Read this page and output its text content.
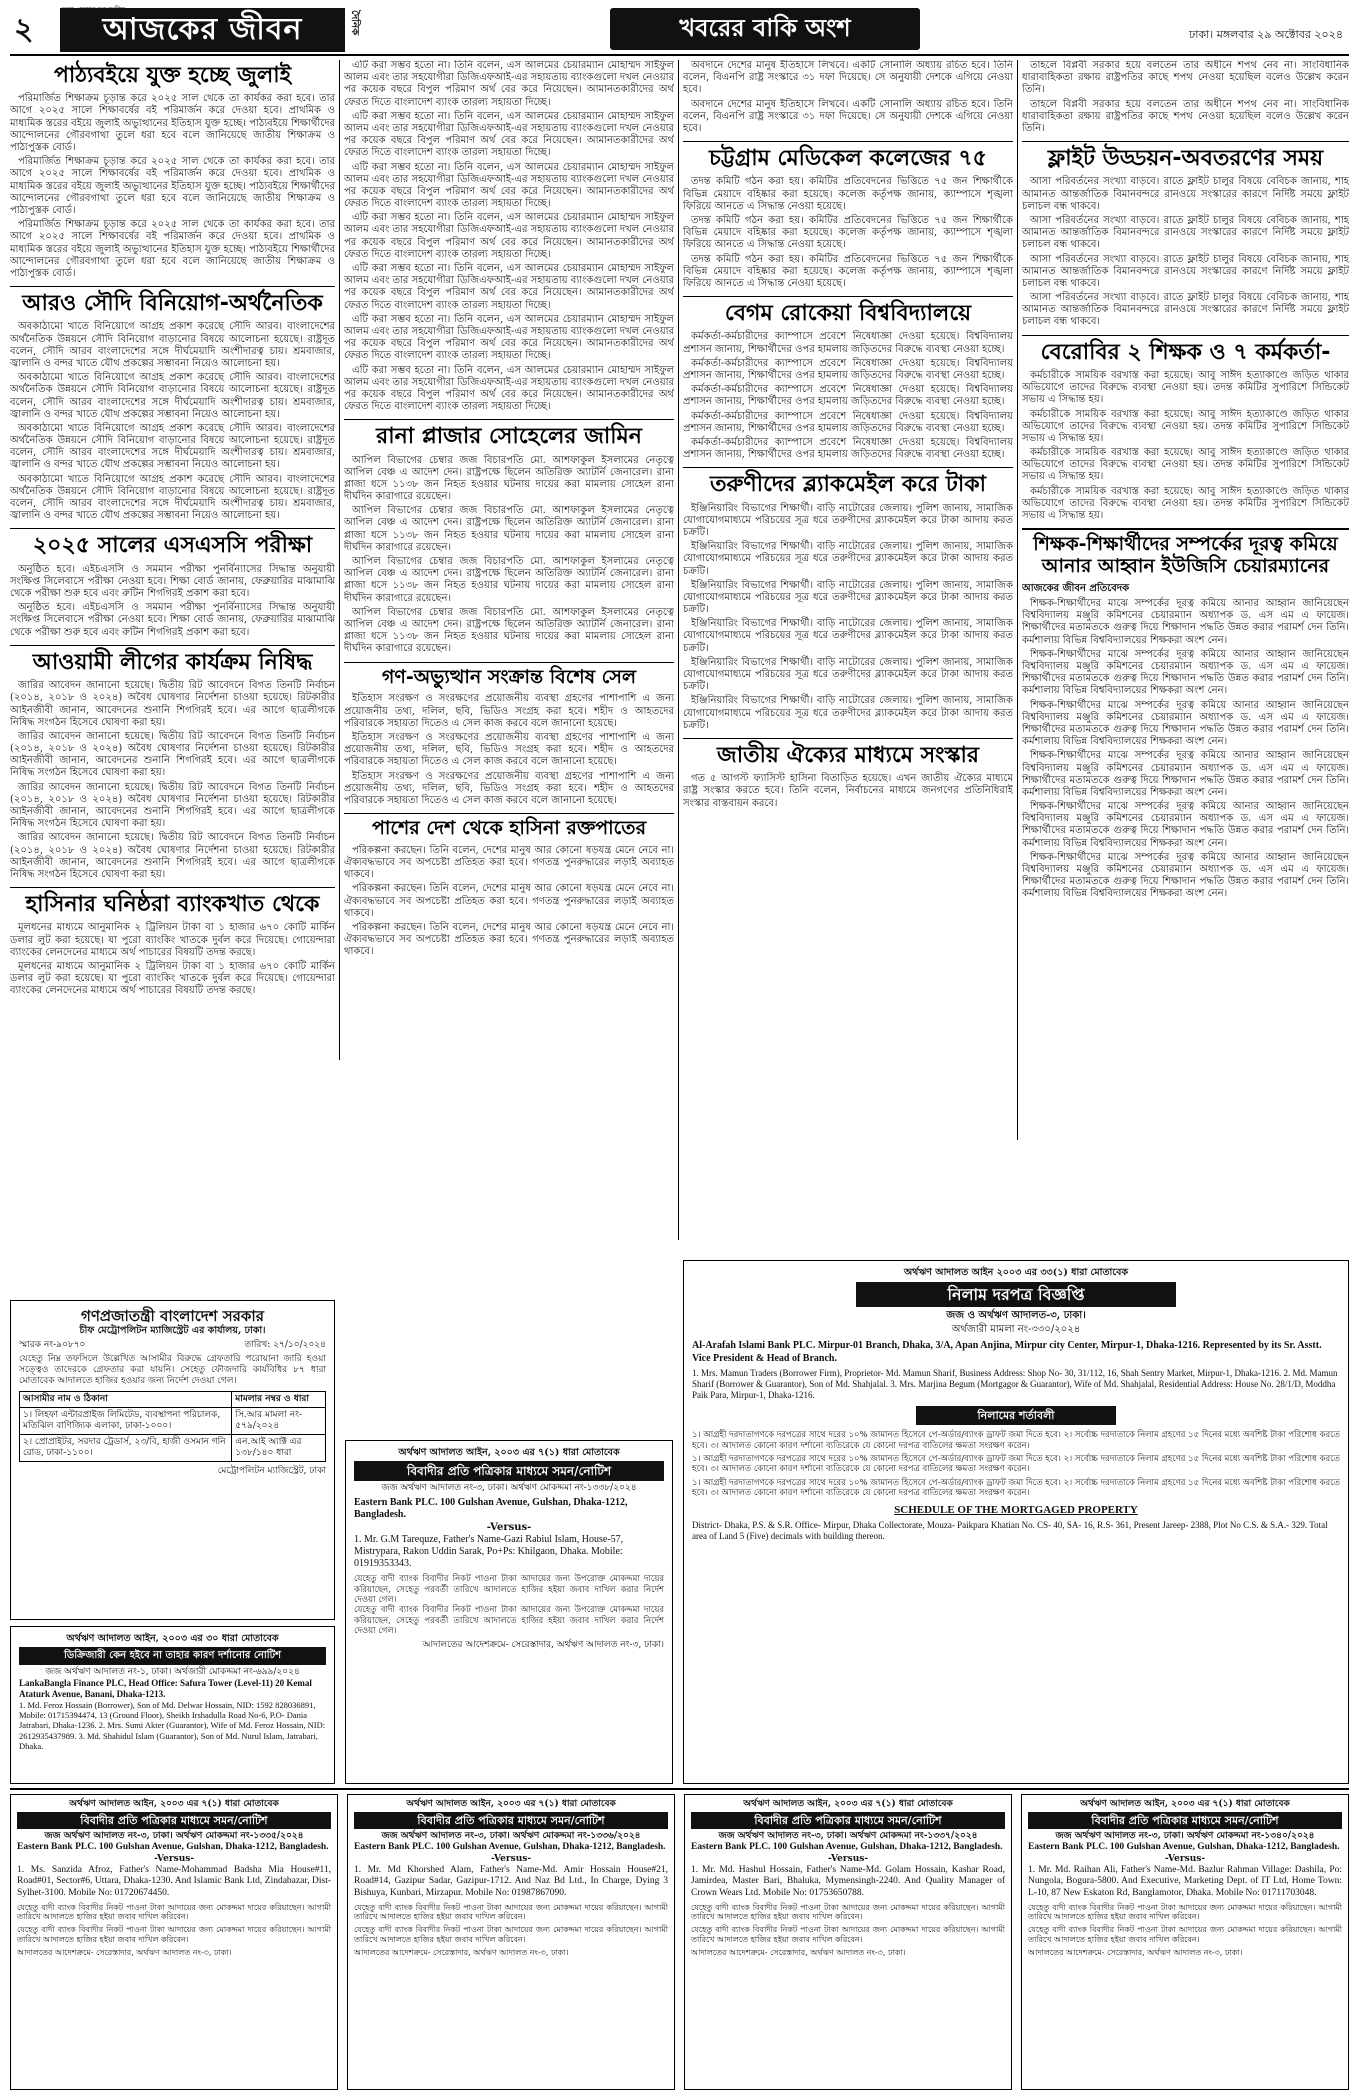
২	আজকের জীবন	দৈনিক	খবরের বাকি অংশ	ঢাকা। মঙ্গলবার ২৯ অক্টোবর ২০২৪
পাঠ্যবইয়ে যুক্ত হচ্ছে জুলাই

পরিমার্জিত শিক্ষাক্রম চূড়ান্ত করে ২০২৫ সাল থেকে তা কার্যকর করা হবে। তার আগে ২০২৫ সালে শিক্ষাবর্ষের বই পরিমার্জন করে দেওয়া হবে। প্রাথমিক ও মাধ্যমিক স্তরের বইয়ে জুলাই অভ্যুত্থানের ইতিহাস যুক্ত হচ্ছে। পাঠ্যবইয়ে শিক্ষার্থীদের আন্দোলনের গৌরবগাথা তুলে ধরা হবে বলে জানিয়েছে জাতীয় শিক্ষাক্রম ও পাঠ্যপুস্তক বোর্ড।

পরিমার্জিত শিক্ষাক্রম চূড়ান্ত করে ২০২৫ সাল থেকে তা কার্যকর করা হবে। তার আগে ২০২৫ সালে শিক্ষাবর্ষের বই পরিমার্জন করে দেওয়া হবে। প্রাথমিক ও মাধ্যমিক স্তরের বইয়ে জুলাই অভ্যুত্থানের ইতিহাস যুক্ত হচ্ছে। পাঠ্যবইয়ে শিক্ষার্থীদের আন্দোলনের গৌরবগাথা তুলে ধরা হবে বলে জানিয়েছে জাতীয় শিক্ষাক্রম ও পাঠ্যপুস্তক বোর্ড।

পরিমার্জিত শিক্ষাক্রম চূড়ান্ত করে ২০২৫ সাল থেকে তা কার্যকর করা হবে। তার আগে ২০২৫ সালে শিক্ষাবর্ষের বই পরিমার্জন করে দেওয়া হবে। প্রাথমিক ও মাধ্যমিক স্তরের বইয়ে জুলাই অভ্যুত্থানের ইতিহাস যুক্ত হচ্ছে। পাঠ্যবইয়ে শিক্ষার্থীদের আন্দোলনের গৌরবগাথা তুলে ধরা হবে বলে জানিয়েছে জাতীয় শিক্ষাক্রম ও পাঠ্যপুস্তক বোর্ড।

আরও সৌদি বিনিয়োগ-অর্থনৈতিক

অবকাঠামো খাতে বিনিয়োগে আগ্রহ প্রকাশ করেছে সৌদি আরব। বাংলাদেশের অর্থনৈতিক উন্নয়নে সৌদি বিনিয়োগ বাড়ানোর বিষয়ে আলোচনা হয়েছে। রাষ্ট্রদূত বলেন, সৌদি আরব বাংলাদেশের সঙ্গে দীর্ঘমেয়াদি অংশীদারত্ব চায়। শ্রমবাজার, জ্বালানি ও বন্দর খাতে যৌথ প্রকল্পের সম্ভাবনা নিয়েও আলোচনা হয়।

অবকাঠামো খাতে বিনিয়োগে আগ্রহ প্রকাশ করেছে সৌদি আরব। বাংলাদেশের অর্থনৈতিক উন্নয়নে সৌদি বিনিয়োগ বাড়ানোর বিষয়ে আলোচনা হয়েছে। রাষ্ট্রদূত বলেন, সৌদি আরব বাংলাদেশের সঙ্গে দীর্ঘমেয়াদি অংশীদারত্ব চায়। শ্রমবাজার, জ্বালানি ও বন্দর খাতে যৌথ প্রকল্পের সম্ভাবনা নিয়েও আলোচনা হয়।

অবকাঠামো খাতে বিনিয়োগে আগ্রহ প্রকাশ করেছে সৌদি আরব। বাংলাদেশের অর্থনৈতিক উন্নয়নে সৌদি বিনিয়োগ বাড়ানোর বিষয়ে আলোচনা হয়েছে। রাষ্ট্রদূত বলেন, সৌদি আরব বাংলাদেশের সঙ্গে দীর্ঘমেয়াদি অংশীদারত্ব চায়। শ্রমবাজার, জ্বালানি ও বন্দর খাতে যৌথ প্রকল্পের সম্ভাবনা নিয়েও আলোচনা হয়।

অবকাঠামো খাতে বিনিয়োগে আগ্রহ প্রকাশ করেছে সৌদি আরব। বাংলাদেশের অর্থনৈতিক উন্নয়নে সৌদি বিনিয়োগ বাড়ানোর বিষয়ে আলোচনা হয়েছে। রাষ্ট্রদূত বলেন, সৌদি আরব বাংলাদেশের সঙ্গে দীর্ঘমেয়াদি অংশীদারত্ব চায়। শ্রমবাজার, জ্বালানি ও বন্দর খাতে যৌথ প্রকল্পের সম্ভাবনা নিয়েও আলোচনা হয়।

২০২৫ সালের এসএসসি পরীক্ষা

অনুষ্ঠিত হবে। এইচএসসি ও সমমান পরীক্ষা পুনর্বিন্যাসের সিদ্ধান্ত অনুযায়ী সংক্ষিপ্ত সিলেবাসে পরীক্ষা নেওয়া হবে। শিক্ষা বোর্ড জানায়, ফেব্রুয়ারির মাঝামাঝি থেকে পরীক্ষা শুরু হবে এবং রুটিন শিগগিরই প্রকাশ করা হবে।

অনুষ্ঠিত হবে। এইচএসসি ও সমমান পরীক্ষা পুনর্বিন্যাসের সিদ্ধান্ত অনুযায়ী সংক্ষিপ্ত সিলেবাসে পরীক্ষা নেওয়া হবে। শিক্ষা বোর্ড জানায়, ফেব্রুয়ারির মাঝামাঝি থেকে পরীক্ষা শুরু হবে এবং রুটিন শিগগিরই প্রকাশ করা হবে।

আওয়ামী লীগের কার্যক্রম নিষিদ্ধ

জারির আবেদন জানানো হয়েছে। দ্বিতীয় রিট আবেদনে বিগত তিনটি নির্বাচন (২০১৪, ২০১৮ ও ২০২৪) অবৈধ ঘোষণার নির্দেশনা চাওয়া হয়েছে। রিটকারীর আইনজীবী জানান, আবেদনের শুনানি শিগগিরই হবে। এর আগে ছাত্রলীগকে নিষিদ্ধ সংগঠন হিসেবে ঘোষণা করা হয়।

জারির আবেদন জানানো হয়েছে। দ্বিতীয় রিট আবেদনে বিগত তিনটি নির্বাচন (২০১৪, ২০১৮ ও ২০২৪) অবৈধ ঘোষণার নির্দেশনা চাওয়া হয়েছে। রিটকারীর আইনজীবী জানান, আবেদনের শুনানি শিগগিরই হবে। এর আগে ছাত্রলীগকে নিষিদ্ধ সংগঠন হিসেবে ঘোষণা করা হয়।

জারির আবেদন জানানো হয়েছে। দ্বিতীয় রিট আবেদনে বিগত তিনটি নির্বাচন (২০১৪, ২০১৮ ও ২০২৪) অবৈধ ঘোষণার নির্দেশনা চাওয়া হয়েছে। রিটকারীর আইনজীবী জানান, আবেদনের শুনানি শিগগিরই হবে। এর আগে ছাত্রলীগকে নিষিদ্ধ সংগঠন হিসেবে ঘোষণা করা হয়।

জারির আবেদন জানানো হয়েছে। দ্বিতীয় রিট আবেদনে বিগত তিনটি নির্বাচন (২০১৪, ২০১৮ ও ২০২৪) অবৈধ ঘোষণার নির্দেশনা চাওয়া হয়েছে। রিটকারীর আইনজীবী জানান, আবেদনের শুনানি শিগগিরই হবে। এর আগে ছাত্রলীগকে নিষিদ্ধ সংগঠন হিসেবে ঘোষণা করা হয়।

হাসিনার ঘনিষ্ঠরা ব্যাংকখাত থেকে

মূলধনের মাধ্যমে আনুমানিক ২ ট্রিলিয়ন টাকা বা ১ হাজার ৬৭০ কোটি মার্কিন ডলার লুট করা হয়েছে। যা পুরো ব্যাংকিং খাতকে দুর্বল করে দিয়েছে। গোয়েন্দারা ব্যাংকের লেনদেনের মাধ্যমে অর্থ পাচারের বিষয়টি তদন্ত করছে।

মূলধনের মাধ্যমে আনুমানিক ২ ট্রিলিয়ন টাকা বা ১ হাজার ৬৭০ কোটি মার্কিন ডলার লুট করা হয়েছে। যা পুরো ব্যাংকিং খাতকে দুর্বল করে দিয়েছে। গোয়েন্দারা ব্যাংকের লেনদেনের মাধ্যমে অর্থ পাচারের বিষয়টি তদন্ত করছে।

এটি করা সম্ভব হতো না। তিনি বলেন, এস আলমের চেয়ারম্যান মোহাম্মদ সাইফুল আলম এবং তার সহযোগীরা ডিজিএফআই-এর সহায়তায় ব্যাংকগুলো দখল নেওয়ার পর কয়েক বছরে বিপুল পরিমাণ অর্থ বের করে নিয়েছেন। আমানতকারীদের অর্থ ফেরত দিতে বাংলাদেশ ব্যাংক তারল্য সহায়তা দিচ্ছে।

এটি করা সম্ভব হতো না। তিনি বলেন, এস আলমের চেয়ারম্যান মোহাম্মদ সাইফুল আলম এবং তার সহযোগীরা ডিজিএফআই-এর সহায়তায় ব্যাংকগুলো দখল নেওয়ার পর কয়েক বছরে বিপুল পরিমাণ অর্থ বের করে নিয়েছেন। আমানতকারীদের অর্থ ফেরত দিতে বাংলাদেশ ব্যাংক তারল্য সহায়তা দিচ্ছে।

এটি করা সম্ভব হতো না। তিনি বলেন, এস আলমের চেয়ারম্যান মোহাম্মদ সাইফুল আলম এবং তার সহযোগীরা ডিজিএফআই-এর সহায়তায় ব্যাংকগুলো দখল নেওয়ার পর কয়েক বছরে বিপুল পরিমাণ অর্থ বের করে নিয়েছেন। আমানতকারীদের অর্থ ফেরত দিতে বাংলাদেশ ব্যাংক তারল্য সহায়তা দিচ্ছে।

এটি করা সম্ভব হতো না। তিনি বলেন, এস আলমের চেয়ারম্যান মোহাম্মদ সাইফুল আলম এবং তার সহযোগীরা ডিজিএফআই-এর সহায়তায় ব্যাংকগুলো দখল নেওয়ার পর কয়েক বছরে বিপুল পরিমাণ অর্থ বের করে নিয়েছেন। আমানতকারীদের অর্থ ফেরত দিতে বাংলাদেশ ব্যাংক তারল্য সহায়তা দিচ্ছে।

এটি করা সম্ভব হতো না। তিনি বলেন, এস আলমের চেয়ারম্যান মোহাম্মদ সাইফুল আলম এবং তার সহযোগীরা ডিজিএফআই-এর সহায়তায় ব্যাংকগুলো দখল নেওয়ার পর কয়েক বছরে বিপুল পরিমাণ অর্থ বের করে নিয়েছেন। আমানতকারীদের অর্থ ফেরত দিতে বাংলাদেশ ব্যাংক তারল্য সহায়তা দিচ্ছে।

এটি করা সম্ভব হতো না। তিনি বলেন, এস আলমের চেয়ারম্যান মোহাম্মদ সাইফুল আলম এবং তার সহযোগীরা ডিজিএফআই-এর সহায়তায় ব্যাংকগুলো দখল নেওয়ার পর কয়েক বছরে বিপুল পরিমাণ অর্থ বের করে নিয়েছেন। আমানতকারীদের অর্থ ফেরত দিতে বাংলাদেশ ব্যাংক তারল্য সহায়তা দিচ্ছে।

এটি করা সম্ভব হতো না। তিনি বলেন, এস আলমের চেয়ারম্যান মোহাম্মদ সাইফুল আলম এবং তার সহযোগীরা ডিজিএফআই-এর সহায়তায় ব্যাংকগুলো দখল নেওয়ার পর কয়েক বছরে বিপুল পরিমাণ অর্থ বের করে নিয়েছেন। আমানতকারীদের অর্থ ফেরত দিতে বাংলাদেশ ব্যাংক তারল্য সহায়তা দিচ্ছে।

রানা প্লাজার সোহেলের জামিন

আপিল বিভাগের চেম্বার জজ বিচারপতি মো. আশফাকুল ইসলামের নেতৃত্বে আপিল বেঞ্চ এ আদেশ দেন। রাষ্ট্রপক্ষে ছিলেন অতিরিক্ত অ্যাটর্নি জেনারেল। রানা প্লাজা ধসে ১১৩৮ জন নিহত হওয়ার ঘটনায় দায়ের করা মামলায় সোহেল রানা দীর্ঘদিন কারাগারে রয়েছেন।

আপিল বিভাগের চেম্বার জজ বিচারপতি মো. আশফাকুল ইসলামের নেতৃত্বে আপিল বেঞ্চ এ আদেশ দেন। রাষ্ট্রপক্ষে ছিলেন অতিরিক্ত অ্যাটর্নি জেনারেল। রানা প্লাজা ধসে ১১৩৮ জন নিহত হওয়ার ঘটনায় দায়ের করা মামলায় সোহেল রানা দীর্ঘদিন কারাগারে রয়েছেন।

আপিল বিভাগের চেম্বার জজ বিচারপতি মো. আশফাকুল ইসলামের নেতৃত্বে আপিল বেঞ্চ এ আদেশ দেন। রাষ্ট্রপক্ষে ছিলেন অতিরিক্ত অ্যাটর্নি জেনারেল। রানা প্লাজা ধসে ১১৩৮ জন নিহত হওয়ার ঘটনায় দায়ের করা মামলায় সোহেল রানা দীর্ঘদিন কারাগারে রয়েছেন।

আপিল বিভাগের চেম্বার জজ বিচারপতি মো. আশফাকুল ইসলামের নেতৃত্বে আপিল বেঞ্চ এ আদেশ দেন। রাষ্ট্রপক্ষে ছিলেন অতিরিক্ত অ্যাটর্নি জেনারেল। রানা প্লাজা ধসে ১১৩৮ জন নিহত হওয়ার ঘটনায় দায়ের করা মামলায় সোহেল রানা দীর্ঘদিন কারাগারে রয়েছেন।

গণ-অভ্যুত্থান সংক্রান্ত বিশেষ সেল

ইতিহাস সংরক্ষণ ও সংরক্ষণের প্রয়োজনীয় ব্যবস্থা গ্রহণের পাশাপাশি এ জন্য প্রয়োজনীয় তথ্য, দলিল, ছবি, ভিডিও সংগ্রহ করা হবে। শহীদ ও আহতদের পরিবারকে সহায়তা দিতেও এ সেল কাজ করবে বলে জানানো হয়েছে।

ইতিহাস সংরক্ষণ ও সংরক্ষণের প্রয়োজনীয় ব্যবস্থা গ্রহণের পাশাপাশি এ জন্য প্রয়োজনীয় তথ্য, দলিল, ছবি, ভিডিও সংগ্রহ করা হবে। শহীদ ও আহতদের পরিবারকে সহায়তা দিতেও এ সেল কাজ করবে বলে জানানো হয়েছে।

ইতিহাস সংরক্ষণ ও সংরক্ষণের প্রয়োজনীয় ব্যবস্থা গ্রহণের পাশাপাশি এ জন্য প্রয়োজনীয় তথ্য, দলিল, ছবি, ভিডিও সংগ্রহ করা হবে। শহীদ ও আহতদের পরিবারকে সহায়তা দিতেও এ সেল কাজ করবে বলে জানানো হয়েছে।

পাশের দেশ থেকে হাসিনা রক্তপাতের

পরিকল্পনা করছেন। তিনি বলেন, দেশের মানুষ আর কোনো ষড়যন্ত্র মেনে নেবে না। ঐক্যবদ্ধভাবে সব অপচেষ্টা প্রতিহত করা হবে। গণতন্ত্র পুনরুদ্ধারের লড়াই অব্যাহত থাকবে।

পরিকল্পনা করছেন। তিনি বলেন, দেশের মানুষ আর কোনো ষড়যন্ত্র মেনে নেবে না। ঐক্যবদ্ধভাবে সব অপচেষ্টা প্রতিহত করা হবে। গণতন্ত্র পুনরুদ্ধারের লড়াই অব্যাহত থাকবে।

পরিকল্পনা করছেন। তিনি বলেন, দেশের মানুষ আর কোনো ষড়যন্ত্র মেনে নেবে না। ঐক্যবদ্ধভাবে সব অপচেষ্টা প্রতিহত করা হবে। গণতন্ত্র পুনরুদ্ধারের লড়াই অব্যাহত থাকবে।

অবদানে দেশের মানুষ ইতিহাসে লিখবে। একটি সোনালি অধ্যায় রচিত হবে। তিনি বলেন, বিএনপি রাষ্ট্র সংস্কারে ৩১ দফা দিয়েছে। সে অনুযায়ী দেশকে এগিয়ে নেওয়া হবে।

অবদানে দেশের মানুষ ইতিহাসে লিখবে। একটি সোনালি অধ্যায় রচিত হবে। তিনি বলেন, বিএনপি রাষ্ট্র সংস্কারে ৩১ দফা দিয়েছে। সে অনুযায়ী দেশকে এগিয়ে নেওয়া হবে।

চট্টগ্রাম মেডিকেল কলেজের ৭৫

তদন্ত কমিটি গঠন করা হয়। কমিটির প্রতিবেদনের ভিত্তিতে ৭৫ জন শিক্ষার্থীকে বিভিন্ন মেয়াদে বহিষ্কার করা হয়েছে। কলেজ কর্তৃপক্ষ জানায়, ক্যাম্পাসে শৃঙ্খলা ফিরিয়ে আনতে এ সিদ্ধান্ত নেওয়া হয়েছে।

তদন্ত কমিটি গঠন করা হয়। কমিটির প্রতিবেদনের ভিত্তিতে ৭৫ জন শিক্ষার্থীকে বিভিন্ন মেয়াদে বহিষ্কার করা হয়েছে। কলেজ কর্তৃপক্ষ জানায়, ক্যাম্পাসে শৃঙ্খলা ফিরিয়ে আনতে এ সিদ্ধান্ত নেওয়া হয়েছে।

তদন্ত কমিটি গঠন করা হয়। কমিটির প্রতিবেদনের ভিত্তিতে ৭৫ জন শিক্ষার্থীকে বিভিন্ন মেয়াদে বহিষ্কার করা হয়েছে। কলেজ কর্তৃপক্ষ জানায়, ক্যাম্পাসে শৃঙ্খলা ফিরিয়ে আনতে এ সিদ্ধান্ত নেওয়া হয়েছে।

বেগম রোকেয়া বিশ্ববিদ্যালয়ে

কর্মকর্তা-কর্মচারীদের ক্যাম্পাসে প্রবেশে নিষেধাজ্ঞা দেওয়া হয়েছে। বিশ্ববিদ্যালয় প্রশাসন জানায়, শিক্ষার্থীদের ওপর হামলায় জড়িতদের বিরুদ্ধে ব্যবস্থা নেওয়া হচ্ছে।

কর্মকর্তা-কর্মচারীদের ক্যাম্পাসে প্রবেশে নিষেধাজ্ঞা দেওয়া হয়েছে। বিশ্ববিদ্যালয় প্রশাসন জানায়, শিক্ষার্থীদের ওপর হামলায় জড়িতদের বিরুদ্ধে ব্যবস্থা নেওয়া হচ্ছে।

কর্মকর্তা-কর্মচারীদের ক্যাম্পাসে প্রবেশে নিষেধাজ্ঞা দেওয়া হয়েছে। বিশ্ববিদ্যালয় প্রশাসন জানায়, শিক্ষার্থীদের ওপর হামলায় জড়িতদের বিরুদ্ধে ব্যবস্থা নেওয়া হচ্ছে।

কর্মকর্তা-কর্মচারীদের ক্যাম্পাসে প্রবেশে নিষেধাজ্ঞা দেওয়া হয়েছে। বিশ্ববিদ্যালয় প্রশাসন জানায়, শিক্ষার্থীদের ওপর হামলায় জড়িতদের বিরুদ্ধে ব্যবস্থা নেওয়া হচ্ছে।

কর্মকর্তা-কর্মচারীদের ক্যাম্পাসে প্রবেশে নিষেধাজ্ঞা দেওয়া হয়েছে। বিশ্ববিদ্যালয় প্রশাসন জানায়, শিক্ষার্থীদের ওপর হামলায় জড়িতদের বিরুদ্ধে ব্যবস্থা নেওয়া হচ্ছে।

তরুণীদের ব্ল্যাকমেইল করে টাকা

ইঞ্জিনিয়ারিং বিভাগের শিক্ষার্থী। বাড়ি নাটোরের জেলায়। পুলিশ জানায়, সামাজিক যোগাযোগমাধ্যমে পরিচয়ের সূত্র ধরে তরুণীদের ব্ল্যাকমেইল করে টাকা আদায় করত চক্রটি।

ইঞ্জিনিয়ারিং বিভাগের শিক্ষার্থী। বাড়ি নাটোরের জেলায়। পুলিশ জানায়, সামাজিক যোগাযোগমাধ্যমে পরিচয়ের সূত্র ধরে তরুণীদের ব্ল্যাকমেইল করে টাকা আদায় করত চক্রটি।

ইঞ্জিনিয়ারিং বিভাগের শিক্ষার্থী। বাড়ি নাটোরের জেলায়। পুলিশ জানায়, সামাজিক যোগাযোগমাধ্যমে পরিচয়ের সূত্র ধরে তরুণীদের ব্ল্যাকমেইল করে টাকা আদায় করত চক্রটি।

ইঞ্জিনিয়ারিং বিভাগের শিক্ষার্থী। বাড়ি নাটোরের জেলায়। পুলিশ জানায়, সামাজিক যোগাযোগমাধ্যমে পরিচয়ের সূত্র ধরে তরুণীদের ব্ল্যাকমেইল করে টাকা আদায় করত চক্রটি।

ইঞ্জিনিয়ারিং বিভাগের শিক্ষার্থী। বাড়ি নাটোরের জেলায়। পুলিশ জানায়, সামাজিক যোগাযোগমাধ্যমে পরিচয়ের সূত্র ধরে তরুণীদের ব্ল্যাকমেইল করে টাকা আদায় করত চক্রটি।

ইঞ্জিনিয়ারিং বিভাগের শিক্ষার্থী। বাড়ি নাটোরের জেলায়। পুলিশ জানায়, সামাজিক যোগাযোগমাধ্যমে পরিচয়ের সূত্র ধরে তরুণীদের ব্ল্যাকমেইল করে টাকা আদায় করত চক্রটি।

জাতীয় ঐক্যের মাধ্যমে সংস্কার

গত ৫ আগস্ট ফ্যাসিস্ট হাসিনা বিতাড়িত হয়েছে। এখন জাতীয় ঐক্যের মাধ্যমে রাষ্ট্র সংস্কার করতে হবে। তিনি বলেন, নির্বাচনের মাধ্যমে জনগণের প্রতিনিধিরাই সংস্কার বাস্তবায়ন করবে।

তাহলে বিপ্লবী সরকার হয়ে বলতেন তার অধীনে শপথ নেব না। সাংবিধানিক ধারাবাহিকতা রক্ষায় রাষ্ট্রপতির কাছে শপথ নেওয়া হয়েছিল বলেও উল্লেখ করেন তিনি।

তাহলে বিপ্লবী সরকার হয়ে বলতেন তার অধীনে শপথ নেব না। সাংবিধানিক ধারাবাহিকতা রক্ষায় রাষ্ট্রপতির কাছে শপথ নেওয়া হয়েছিল বলেও উল্লেখ করেন তিনি।

ফ্লাইট উড্ডয়ন-অবতরণের সময়

আসা পরিবর্তনের সংখ্যা বাড়বে। রাতে ফ্লাইট চালুর বিষয়ে বেবিচক জানায়, শাহ আমানত আন্তর্জাতিক বিমানবন্দরে রানওয়ে সংস্কারের কারণে নির্দিষ্ট সময়ে ফ্লাইট চলাচল বন্ধ থাকবে।

আসা পরিবর্তনের সংখ্যা বাড়বে। রাতে ফ্লাইট চালুর বিষয়ে বেবিচক জানায়, শাহ আমানত আন্তর্জাতিক বিমানবন্দরে রানওয়ে সংস্কারের কারণে নির্দিষ্ট সময়ে ফ্লাইট চলাচল বন্ধ থাকবে।

আসা পরিবর্তনের সংখ্যা বাড়বে। রাতে ফ্লাইট চালুর বিষয়ে বেবিচক জানায়, শাহ আমানত আন্তর্জাতিক বিমানবন্দরে রানওয়ে সংস্কারের কারণে নির্দিষ্ট সময়ে ফ্লাইট চলাচল বন্ধ থাকবে।

আসা পরিবর্তনের সংখ্যা বাড়বে। রাতে ফ্লাইট চালুর বিষয়ে বেবিচক জানায়, শাহ আমানত আন্তর্জাতিক বিমানবন্দরে রানওয়ে সংস্কারের কারণে নির্দিষ্ট সময়ে ফ্লাইট চলাচল বন্ধ থাকবে।

বেরোবির ২ শিক্ষক ও ৭ কর্মকর্তা-

কর্মচারীকে সাময়িক বরখাস্ত করা হয়েছে। আবু সাঈদ হত্যাকাণ্ডে জড়িত থাকার অভিযোগে তাদের বিরুদ্ধে ব্যবস্থা নেওয়া হয়। তদন্ত কমিটির সুপারিশে সিন্ডিকেট সভায় এ সিদ্ধান্ত হয়।

কর্মচারীকে সাময়িক বরখাস্ত করা হয়েছে। আবু সাঈদ হত্যাকাণ্ডে জড়িত থাকার অভিযোগে তাদের বিরুদ্ধে ব্যবস্থা নেওয়া হয়। তদন্ত কমিটির সুপারিশে সিন্ডিকেট সভায় এ সিদ্ধান্ত হয়।

কর্মচারীকে সাময়িক বরখাস্ত করা হয়েছে। আবু সাঈদ হত্যাকাণ্ডে জড়িত থাকার অভিযোগে তাদের বিরুদ্ধে ব্যবস্থা নেওয়া হয়। তদন্ত কমিটির সুপারিশে সিন্ডিকেট সভায় এ সিদ্ধান্ত হয়।

কর্মচারীকে সাময়িক বরখাস্ত করা হয়েছে। আবু সাঈদ হত্যাকাণ্ডে জড়িত থাকার অভিযোগে তাদের বিরুদ্ধে ব্যবস্থা নেওয়া হয়। তদন্ত কমিটির সুপারিশে সিন্ডিকেট সভায় এ সিদ্ধান্ত হয়।

শিক্ষক-শিক্ষার্থীদের সম্পর্কের দূরত্ব কমিয়ে আনার আহ্বান ইউজিসি চেয়ারম্যানের
আজকের জীবন প্রতিবেদক

শিক্ষক-শিক্ষার্থীদের মাঝে সম্পর্কের দূরত্ব কমিয়ে আনার আহ্বান জানিয়েছেন বিশ্ববিদ্যালয় মঞ্জুরি কমিশনের চেয়ারম্যান অধ্যাপক ড. এস এম এ ফায়েজ। শিক্ষার্থীদের মতামতকে গুরুত্ব দিয়ে শিক্ষাদান পদ্ধতি উন্নত করার পরামর্শ দেন তিনি। কর্মশালায় বিভিন্ন বিশ্ববিদ্যালয়ের শিক্ষকরা অংশ নেন।

শিক্ষক-শিক্ষার্থীদের মাঝে সম্পর্কের দূরত্ব কমিয়ে আনার আহ্বান জানিয়েছেন বিশ্ববিদ্যালয় মঞ্জুরি কমিশনের চেয়ারম্যান অধ্যাপক ড. এস এম এ ফায়েজ। শিক্ষার্থীদের মতামতকে গুরুত্ব দিয়ে শিক্ষাদান পদ্ধতি উন্নত করার পরামর্শ দেন তিনি। কর্মশালায় বিভিন্ন বিশ্ববিদ্যালয়ের শিক্ষকরা অংশ নেন।

শিক্ষক-শিক্ষার্থীদের মাঝে সম্পর্কের দূরত্ব কমিয়ে আনার আহ্বান জানিয়েছেন বিশ্ববিদ্যালয় মঞ্জুরি কমিশনের চেয়ারম্যান অধ্যাপক ড. এস এম এ ফায়েজ। শিক্ষার্থীদের মতামতকে গুরুত্ব দিয়ে শিক্ষাদান পদ্ধতি উন্নত করার পরামর্শ দেন তিনি। কর্মশালায় বিভিন্ন বিশ্ববিদ্যালয়ের শিক্ষকরা অংশ নেন।

শিক্ষক-শিক্ষার্থীদের মাঝে সম্পর্কের দূরত্ব কমিয়ে আনার আহ্বান জানিয়েছেন বিশ্ববিদ্যালয় মঞ্জুরি কমিশনের চেয়ারম্যান অধ্যাপক ড. এস এম এ ফায়েজ। শিক্ষার্থীদের মতামতকে গুরুত্ব দিয়ে শিক্ষাদান পদ্ধতি উন্নত করার পরামর্শ দেন তিনি। কর্মশালায় বিভিন্ন বিশ্ববিদ্যালয়ের শিক্ষকরা অংশ নেন।

শিক্ষক-শিক্ষার্থীদের মাঝে সম্পর্কের দূরত্ব কমিয়ে আনার আহ্বান জানিয়েছেন বিশ্ববিদ্যালয় মঞ্জুরি কমিশনের চেয়ারম্যান অধ্যাপক ড. এস এম এ ফায়েজ। শিক্ষার্থীদের মতামতকে গুরুত্ব দিয়ে শিক্ষাদান পদ্ধতি উন্নত করার পরামর্শ দেন তিনি। কর্মশালায় বিভিন্ন বিশ্ববিদ্যালয়ের শিক্ষকরা অংশ নেন।

শিক্ষক-শিক্ষার্থীদের মাঝে সম্পর্কের দূরত্ব কমিয়ে আনার আহ্বান জানিয়েছেন বিশ্ববিদ্যালয় মঞ্জুরি কমিশনের চেয়ারম্যান অধ্যাপক ড. এস এম এ ফায়েজ। শিক্ষার্থীদের মতামতকে গুরুত্ব দিয়ে শিক্ষাদান পদ্ধতি উন্নত করার পরামর্শ দেন তিনি। কর্মশালায় বিভিন্ন বিশ্ববিদ্যালয়ের শিক্ষকরা অংশ নেন।

গণপ্রজাতন্ত্রী বাংলাদেশ সরকার
চীফ মেট্রোপলিটন ম্যাজিস্ট্রেট এর কার্যালয়, ঢাকা।
স্মারক নং-৯০৮৭০	তারিখ: ২৭/১০/২০২৪
যেহেতু নিম্ন তফসিলে উল্লেখিত আসামীর বিরুদ্ধে গ্রেফতারি পরোয়ানা জারি হওয়া সত্ত্বেও তাদেরকে গ্রেফতার করা যায়নি। সেহেতু ফৌজদারি কার্যবিধির ৮৭ ধারা মোতাবেক আদালতে হাজির হওয়ার জন্য নির্দেশ দেওয়া গেল।
আসামীর নাম ও ঠিকানা	মামলার নম্বর ও ধারা
১। লিহফা এন্টারপ্রাইজ লিমিটেড, ব্যবস্থাপনা পরিচালক, মতিঝিল বাণিজ্যিক এলাকা, ঢাকা-১০০০।	সি.আর মামলা নং- ৫৭৯/২০২৪
২। প্রোপ্রাইটর, সরদার ট্রেডার্স, ২৩/বি, হাজী ওসমান গনি রোড, ঢাকা-১১০০।	এন.আই অ্যাক্ট এর ১৩৮/১৪০ ধারা
মেট্রোপলিটন ম্যাজিস্ট্রেট, ঢাকা
অর্থঋণ আদালত আইন, ২০০৩ এর ৩০ ধারা মোতাবেক
ডিক্রিজারী কেন হইবে না তাহার কারণ দর্শানোর নোটিশ
জজ অর্থঋণ আদালত নং-১, ঢাকা। অর্থজারী মোকদ্দমা নং-৬৯৯/২০২৪
LankaBangla Finance PLC, Head Office: Safura Tower (Level-11) 20 Kemal Ataturk Avenue, Banani, Dhaka-1213.
1. Md. Feroz Hossain (Borrower), Son of Md. Delwar Hossain, NID: 1592 828036891, Mobile: 01715394474, 13 (Ground Floor), Sheikh Irshadulla Road No-6, P.O- Dania Jatrabari, Dhaka-1236. 2. Mrs. Sumi Akter (Guarantor), Wife of Md. Feroz Hossain, NID: 2612935437989. 3. Md. Shahidul Islam (Guarantor), Son of Md. Nurul Islam, Jatrabari, Dhaka.
অর্থঋণ আদালত আইন, ২০০৩ এর ৭(১) ধারা মোতাবেক
বিবাদীর প্রতি পত্রিকার মাধ্যমে সমন/নোটিশ
জজ অর্থঋণ আদালত নং-৩, ঢাকা। অর্থঋণ মোকদ্দমা নং-১৩৩৮/২০২৪
Eastern Bank PLC. 100 Gulshan Avenue, Gulshan, Dhaka-1212, Bangladesh.
-Versus-
1. Mr. G.M Tarequze, Father's Name-Gazi Rabiul Islam, House-57, Mistrypara, Rakon Uddin Sarak, Po+Ps: Khilgaon, Dhaka. Mobile: 01919353343.
যেহেতু বাদী ব্যাংক বিবাদীর নিকট পাওনা টাকা আদায়ের জন্য উপরোক্ত মোকদ্দমা দায়ের করিয়াছেন, সেহেতু পরবর্তী তারিখে আদালতে হাজির হইয়া জবাব দাখিল করার নির্দেশ দেওয়া গেল।
যেহেতু বাদী ব্যাংক বিবাদীর নিকট পাওনা টাকা আদায়ের জন্য উপরোক্ত মোকদ্দমা দায়ের করিয়াছেন, সেহেতু পরবর্তী তারিখে আদালতে হাজির হইয়া জবাব দাখিল করার নির্দেশ দেওয়া গেল।
আদালতের আদেশক্রমে- সেরেস্তাদার, অর্থঋণ আদালত নং-৩, ঢাকা।
অর্থঋণ আদালত আইন ২০০৩ এর ৩৩(১) ধারা মোতাবেক
নিলাম দরপত্র বিজ্ঞপ্তি
জজ ও অর্থঋণ আদালত-৩, ঢাকা।
অর্থজারী মামলা নং-৩৩০/২০২৪
Al-Arafah Islami Bank PLC. Mirpur-01 Branch, Dhaka, 3/A, Apan Anjina, Mirpur city Center, Mirpur-1, Dhaka-1216. Represented by its Sr. Asstt. Vice President & Head of Branch.
1. Mrs. Mamun Traders (Borrower Firm), Proprietor- Md. Mamun Sharif, Business Address: Shop No- 30, 31/112, 16, Shah Sentry Market, Mirpur-1, Dhaka-1216. 2. Md. Mamun Sharif (Borrower & Guarantor), Son of Md. Shahjalal. 3. Mrs. Marjina Begum (Mortgagor & Guarantor), Wife of Md. Shahjalal, Residential Address: House No. 28/1/D, Moddha Paik Para, Mirpur-1, Dhaka-1216.
নিলামের শর্তাবলী
১। আগ্রহী দরদাতাগণকে দরপত্রের সাথে দরের ১০% জামানত হিসেবে পে-অর্ডার/ব্যাংক ড্রাফট জমা দিতে হবে। ২। সর্বোচ্চ দরদাতাকে নিলাম গ্রহণের ১৫ দিনের মধ্যে অবশিষ্ট টাকা পরিশোধ করতে হবে। ৩। আদালত কোনো কারণ দর্শানো ব্যতিরেকে যে কোনো দরপত্র বাতিলের ক্ষমতা সংরক্ষণ করেন।
১। আগ্রহী দরদাতাগণকে দরপত্রের সাথে দরের ১০% জামানত হিসেবে পে-অর্ডার/ব্যাংক ড্রাফট জমা দিতে হবে। ২। সর্বোচ্চ দরদাতাকে নিলাম গ্রহণের ১৫ দিনের মধ্যে অবশিষ্ট টাকা পরিশোধ করতে হবে। ৩। আদালত কোনো কারণ দর্শানো ব্যতিরেকে যে কোনো দরপত্র বাতিলের ক্ষমতা সংরক্ষণ করেন।
১। আগ্রহী দরদাতাগণকে দরপত্রের সাথে দরের ১০% জামানত হিসেবে পে-অর্ডার/ব্যাংক ড্রাফট জমা দিতে হবে। ২। সর্বোচ্চ দরদাতাকে নিলাম গ্রহণের ১৫ দিনের মধ্যে অবশিষ্ট টাকা পরিশোধ করতে হবে। ৩। আদালত কোনো কারণ দর্শানো ব্যতিরেকে যে কোনো দরপত্র বাতিলের ক্ষমতা সংরক্ষণ করেন।
SCHEDULE OF THE MORTGAGED PROPERTY
District- Dhaka, P.S. & S.R. Office- Mirpur, Dhaka Collectorate, Mouza- Paikpara Khatian No. CS- 40, SA- 16, R.S- 361, Present Jareep- 2388, Plot No C.S. & S.A.- 329. Total area of Land 5 (Five) decimals with building thereon.
অর্থঋণ আদালত আইন, ২০০৩ এর ৭(১) ধারা মোতাবেক
বিবাদীর প্রতি পত্রিকার মাধ্যমে সমন/নোটিশ
জজ অর্থঋণ আদালত নং-৩, ঢাকা। অর্থঋণ মোকদ্দমা নং-১৩৩৫/২০২৪
Eastern Bank PLC. 100 Gulshan Avenue, Gulshan, Dhaka-1212, Bangladesh.
-Versus-
1. Ms. Sanzida Afroz, Father's Name-Mohammad Badsha Mia House#11, Road#01, Sector#6, Uttara, Dhaka-1230. And Islamic Bank Ltd, Zindabazar, Dist-Sylhet-3100. Mobile No: 01720674450.
যেহেতু বাদী ব্যাংক বিবাদীর নিকট পাওনা টাকা আদায়ের জন্য মোকদ্দমা দায়ের করিয়াছেন। আগামী তারিখে আদালতে হাজির হইয়া জবাব দাখিল করিবেন।
যেহেতু বাদী ব্যাংক বিবাদীর নিকট পাওনা টাকা আদায়ের জন্য মোকদ্দমা দায়ের করিয়াছেন। আগামী তারিখে আদালতে হাজির হইয়া জবাব দাখিল করিবেন।
আদালতের আদেশক্রমে- সেরেস্তাদার, অর্থঋণ আদালত নং-৩, ঢাকা।
অর্থঋণ আদালত আইন, ২০০৩ এর ৭(১) ধারা মোতাবেক
বিবাদীর প্রতি পত্রিকার মাধ্যমে সমন/নোটিশ
জজ অর্থঋণ আদালত নং-৩, ঢাকা। অর্থঋণ মোকদ্দমা নং-১৩৩৬/২০২৪
Eastern Bank PLC. 100 Gulshan Avenue, Gulshan, Dhaka-1212, Bangladesh.
-Versus-
1. Mr. Md Khorshed Alam, Father's Name-Md. Amir Hossain House#21, Road#14, Gazipur Sadar, Gazipur-1712. And Naz Bd Ltd., In Charge, Dying 3 Bishuya, Kunbari, Mirzapur. Mobile No: 01987867090.
যেহেতু বাদী ব্যাংক বিবাদীর নিকট পাওনা টাকা আদায়ের জন্য মোকদ্দমা দায়ের করিয়াছেন। আগামী তারিখে আদালতে হাজির হইয়া জবাব দাখিল করিবেন।
যেহেতু বাদী ব্যাংক বিবাদীর নিকট পাওনা টাকা আদায়ের জন্য মোকদ্দমা দায়ের করিয়াছেন। আগামী তারিখে আদালতে হাজির হইয়া জবাব দাখিল করিবেন।
আদালতের আদেশক্রমে- সেরেস্তাদার, অর্থঋণ আদালত নং-৩, ঢাকা।
অর্থঋণ আদালত আইন, ২০০৩ এর ৭(১) ধারা মোতাবেক
বিবাদীর প্রতি পত্রিকার মাধ্যমে সমন/নোটিশ
জজ অর্থঋণ আদালত নং-৩, ঢাকা। অর্থঋণ মোকদ্দমা নং-১৩৩৭/২০২৪
Eastern Bank PLC. 100 Gulshan Avenue, Gulshan, Dhaka-1212, Bangladesh.
-Versus-
1. Mr. Md. Hashul Hossain, Father's Name-Md. Golam Hossain, Kashar Road, Jamirdea, Master Bari, Bhaluka, Mymensingh-2240. And Quality Manager of Crown Wears Ltd. Mobile No: 01753650788.
যেহেতু বাদী ব্যাংক বিবাদীর নিকট পাওনা টাকা আদায়ের জন্য মোকদ্দমা দায়ের করিয়াছেন। আগামী তারিখে আদালতে হাজির হইয়া জবাব দাখিল করিবেন।
যেহেতু বাদী ব্যাংক বিবাদীর নিকট পাওনা টাকা আদায়ের জন্য মোকদ্দমা দায়ের করিয়াছেন। আগামী তারিখে আদালতে হাজির হইয়া জবাব দাখিল করিবেন।
আদালতের আদেশক্রমে- সেরেস্তাদার, অর্থঋণ আদালত নং-৩, ঢাকা।
অর্থঋণ আদালত আইন, ২০০৩ এর ৭(১) ধারা মোতাবেক
বিবাদীর প্রতি পত্রিকার মাধ্যমে সমন/নোটিশ
জজ অর্থঋণ আদালত নং-৩, ঢাকা। অর্থঋণ মোকদ্দমা নং-১৩৪০/২০২৪
Eastern Bank PLC. 100 Gulshan Avenue, Gulshan, Dhaka-1212, Bangladesh.
-Versus-
1. Mr. Md. Raihan Ali, Father's Name-Md. Bazlur Rahman Village: Dashila, Po: Nungola, Bogura-5800. And Executive, Marketing Dept. of IT Ltd, Home Town: L-10, 87 New Eskaton Rd, Banglamotor, Dhaka. Mobile No: 01711703048.
যেহেতু বাদী ব্যাংক বিবাদীর নিকট পাওনা টাকা আদায়ের জন্য মোকদ্দমা দায়ের করিয়াছেন। আগামী তারিখে আদালতে হাজির হইয়া জবাব দাখিল করিবেন।
যেহেতু বাদী ব্যাংক বিবাদীর নিকট পাওনা টাকা আদায়ের জন্য মোকদ্দমা দায়ের করিয়াছেন। আগামী তারিখে আদালতে হাজির হইয়া জবাব দাখিল করিবেন।
আদালতের আদেশক্রমে- সেরেস্তাদার, অর্থঋণ আদালত নং-৩, ঢাকা।
